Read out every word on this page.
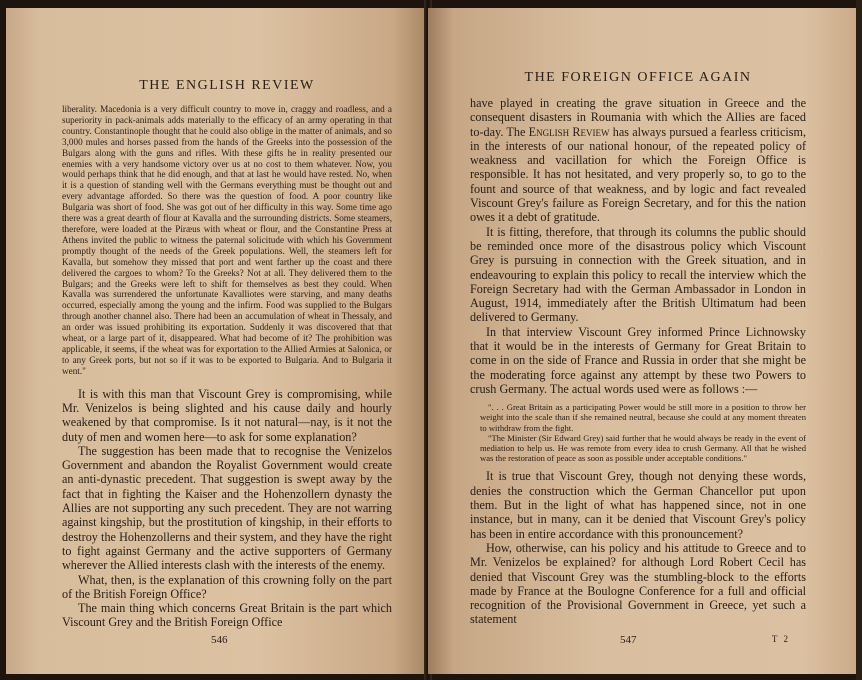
THE ENGLISH REVIEW

liberality. Macedonia is a very difficult country to move in, craggy and roadless, and a superiority in pack-animals adds materially to the efficacy of an army operating in that country. Constantinople thought that he could also oblige in the matter of animals, and so 3,000 mules and horses passed from the hands of the Greeks into the possession of the Bulgars along with the guns and rifles. With these gifts he in reality presented our enemies with a very handsome victory over us at no cost to them whatever. Now, you would perhaps think that he did enough, and that at last he would have rested. No, when it is a question of standing well with the Germans everything must be thought out and every advantage afforded. So there was the question of food. A poor country like Bulgaria was short of food. She was got out of her difficulty in this way. Some time ago there was a great dearth of flour at Kavalla and the surrounding districts. Some steamers, therefore, were loaded at the Piræus with wheat or flour, and the Constantine Press at Athens invited the public to witness the paternal solicitude with which his Government promptly thought of the needs of the Greek populations. Well, the steamers left for Kavalla, but somehow they missed that port and went farther up the coast and there delivered the cargoes to whom? To the Greeks? Not at all. They delivered them to the Bulgars; and the Greeks were left to shift for themselves as best they could. When Kavalla was surrendered the unfortunate Kavalliotes were starving, and many deaths occurred, especially among the young and the infirm. Food was supplied to the Bulgars through another channel also. There had been an accumulation of wheat in Thessaly, and an order was issued prohibiting its exportation. Suddenly it was discovered that that wheat, or a large part of it, disappeared. What had become of it? The prohibition was applicable, it seems, if the wheat was for exportation to the Allied Armies at Salonica, or to any Greek ports, but not so if it was to be exported to Bulgaria. And to Bulgaria it went."

It is with this man that Viscount Grey is compromising, while Mr. Venizelos is being slighted and his cause daily and hourly weakened by that compromise. Is it not natural—nay, is it not the duty of men and women here—to ask for some explanation?

The suggestion has been made that to recognise the Venizelos Government and abandon the Royalist Government would create an anti-dynastic precedent. That suggestion is swept away by the fact that in fighting the Kaiser and the Hohenzollern dynasty the Allies are not supporting any such precedent. They are not warring against kingship, but the prostitution of kingship, in their efforts to destroy the Hohenzollerns and their system, and they have the right to fight against Germany and the active supporters of Germany wherever the Allied interests clash with the interests of the enemy.

What, then, is the explanation of this crowning folly on the part of the British Foreign Office?

The main thing which concerns Great Britain is the part which Viscount Grey and the British Foreign Office

546
THE FOREIGN OFFICE AGAIN

have played in creating the grave situation in Greece and the consequent disasters in Roumania with which the Allies are faced to-day. The English Review has always pursued a fearless criticism, in the interests of our national honour, of the repeated policy of weakness and vacillation for which the Foreign Office is responsible. It has not hesitated, and very properly so, to go to the fount and source of that weakness, and by logic and fact revealed Viscount Grey's failure as Foreign Secretary, and for this the nation owes it a debt of gratitude.

It is fitting, therefore, that through its columns the public should be reminded once more of the disastrous policy which Viscount Grey is pursuing in connection with the Greek situation, and in endeavouring to explain this policy to recall the interview which the Foreign Secretary had with the German Ambassador in London in August, 1914, immediately after the British Ultimatum had been delivered to Germany.

In that interview Viscount Grey informed Prince Lichnowsky that it would be in the interests of Germany for Great Britain to come in on the side of France and Russia in order that she might be the moderating force against any attempt by these two Powers to crush Germany. The actual words used were as follows :—

". . . Great Britain as a participating Power would be still more in a position to throw her weight into the scale than if she remained neutral, because she could at any moment threaten to withdraw from the fight.

"The Minister (Sir Edward Grey) said further that he would always be ready in the event of mediation to help us. He was remote from every idea to crush Germany. All that he wished was the restoration of peace as soon as possible under acceptable conditions."

It is true that Viscount Grey, though not denying these words, denies the construction which the German Chancellor put upon them. But in the light of what has happened since, not in one instance, but in many, can it be denied that Viscount Grey's policy has been in entire accordance with this pronouncement?

How, otherwise, can his policy and his attitude to Greece and to Mr. Venizelos be explained? for although Lord Robert Cecil has denied that Viscount Grey was the stumbling-block to the efforts made by France at the Boulogne Conference for a full and official recognition of the Provisional Government in Greece, yet such a statement

547	T 2
